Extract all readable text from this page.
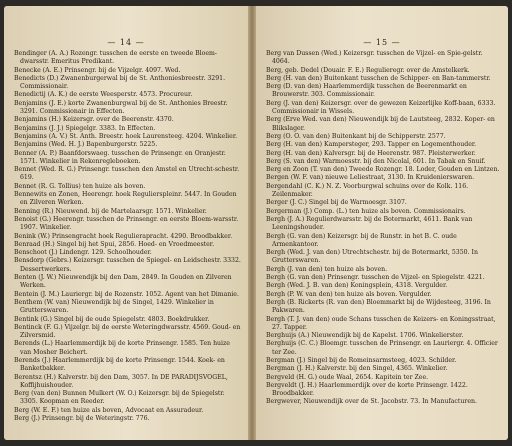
— 14 —

Bendinger (A. A.) Rozengr. tusschen de eerste en tweede Bloem-dwarsstr. Emeritus Predikant.

Benecke (A. E.) Prinsengr. bij de Vijzelgr. 4097. Wed.

Benedicts (D.) Zwanenburgerwal bij de St. Anthoniesbreestr. 3291. Commissionair.

Benedictij (A. K.) de eerste Weesperstr. 4573. Procureur.

Benjamins (J. E.) korte Zwanenburgwal bij de St. Anthonies Breestr. 3291. Commissionair in Effecten.

Benjamins (H.) Keizersgr. over de Beerenstr. 4370.

Benjamins (J. J.) Spiegelgr. 3383. In Effecten.

Benjamins (A. V.) St. Anth. Breestr. hoek Laurensteeg. 4204. Winkelier.

Benjamins (Wed. H. J.) Bapenburgerstr. 5225.

Benner (A. P.) Baanfdorswaeg. tusschen de Prinsengr. en Oranjestr. 1571. Winkelier in Rekenregleboeken.

Bennet (Wed. R. G.) Prinsengr. tusschen den Amstel en Utrecht-schestr. 619.

Bennet (R. G. Tollius) ten huize als boven.

Bennewits en Zonen, Heerengr. hoek Regulierspleinr. 5447. In Gouden en Zilveren Werken.

Benning (R.) Nieuwend. bij de Martelaarsgr. 1571. Winkelier.

Benoist (G.) Heerengr. tusschen de Prinsengr. en eerste Bloem-warsstr. 1907. Winkelier.

Benink (W.) Prinsengracht hoek Regulierapracht. 4290. Broodbakker.

Benraad (H.) Singel bij het Spui, 2856. Hoed- en Vroedmeester.

Benschoot (J.) Lindengr. 129. Schoolhouder.

Bensdorp (Gebrs.) Keizersgr. tusschen de Spiegel- en Leidschestr. 3332. Dessertwerkers.

Benten (J. W.) Nieuwendijk bij den Dam, 2849. In Gouden en Zilveren Werken.

Bentein (J. M.) Lauriergr. bij de Rozenstr. 1052. Agent van het Dimanie.

Benthem (W. van) Nieuwendijk bij de Singel, 1429. Winkelier in Grutterswaren.

Bentink (G.) Singel bij de oude Spiegelstr. 4803. Boekdrukker.

Bentinck (F. G.) Vijzelgr. bij de eerste Weteringdwarsstr. 4569. Goud- en Zilversmid.

Berends (L.) Haarlemmerdijk bij de korte Prinsengr. 1585. Ten huize van Mosher Beichert.

Berends (J.) Haarlemmerdijk bij de korte Prinsengr. 1544. Koek- en Banketbakker.

Berentsz (H.) Kalverstr. bij den Dam, 3057. In DE PARADIJSVOGEL, Koffijhuishouder.

Berg (van den) Bunnen Mulkert (W. O.) Keizersgr. bij de Spiegelstr. 3305. Koopman en Reeder.

Berg (W. E. F.) ten huize als boven, Advocaat en Assuradeur.

Berg (J.) Prinsengr. bij de Weteringstr. 776.

— 15 —

Berg van Dussen (Wed.) Keizersgr. tusschen de Vijzel- en Spie-gelstr. 4064.

Berg, geb. Dedel (Douair. F. E.) Regulieregr. over de Amstelkerk.

Berg (H. van den) Buitenkant tusschen de Schipper- en Ban-tammerstr.

Berg (D. van den) Haarlemmerdijk tusschen de Beerenmarkt en Brouwerstr. 303. Commissionair.

Berg (J. van den) Keizersgr. over de gewezen Keizerlijke Koff-baan, 6333. Commissionair in Wissels.

Berg (Erve Wed. van den) Nieuwendijk bij de Lautsteeg, 2832. Koper- en Blikslager.

Berg (O. O. van den) Buitenkant bij de Schipperstr. 2577.

Berg (H. van den) Kampersteger, 293. Tapper en Logementhouder.

Berg (H. van den) Kalversgr. bij de Heerenstr. 987. Pleisterwerker.

Berg (S. van den) Warmoesstr. bij den Nicolaï, 601. In Tabak en Snuif.

Berg en Zoon (T. van den) Tweede Rozengr. 18. Loder, Gouden en Lintzen.

Bergen (W. F. van) nieuwe Leliestraat, 3130. In Kruidenierswaren.

Bergendahl (C. K.) N. Z. Voorburgwal schuins over de Kolk. 116. Zeilenmaker.

Berger (J. C.) Singel bij de Warmoesgr. 3107.

Bergerman (J.) Comp. (L.) ten huize als boven. Commissionairs.

Bergh (J. A.) Regulierdwarsstr. bij de Botermarkt, 4611. Bank van Leeningshouder.

Bergh (G. van den) Keizersgr. bij de Runstr. in het B. C. oude Armenkantoor.

Bergh (Wed. J. van den) Utrechtschestr. bij de Botermarkt, 5350. In Grutterswaren.

Bergh (J. van den) ten huize als boven.

Bergh (G. van den) Prinsengr. tusschen de Vijzel- en Spiegelstr. 4221.

Bergh (Wed. J. B. van den) Koningsplein, 4318. Vergulder.

Bergh (P. W. van den) ten huize als boven. Vergulder.

Bergh (B. Rickerts (R. van den) Bloemmarkt bij de Wijdesteeg, 3196. In Pakwaren.

Bergh (T. J. van den) oude Schans tusschen de Keizers- en Koningsstraat, 27. Tapper.

Berghuijs (A.) Nieuwendijk bij de Kapelst. 1706. Winkelierster.

Berghuijs (C. C.) Bloemgr. tusschen de Prinsengr. en Lauriergr. 4. Officier ter Zee.

Bergman (J.) Singel bij de Romeinsarmsteeg, 4023. Schilder.

Bergman (J. H.) Kalverstr. bij den Singel, 4365. Winkelier.

Bergveld (H. G.) oude Waal, 2654. Kapitein ter Zee.

Bergveldt (J. H.) Haarlemmerdijk over de korte Prinsengr. 1422. Broodbakker.

Bergwever, Nieuwendijk over de St. Jacobstr. 73. In Manufacturen.
